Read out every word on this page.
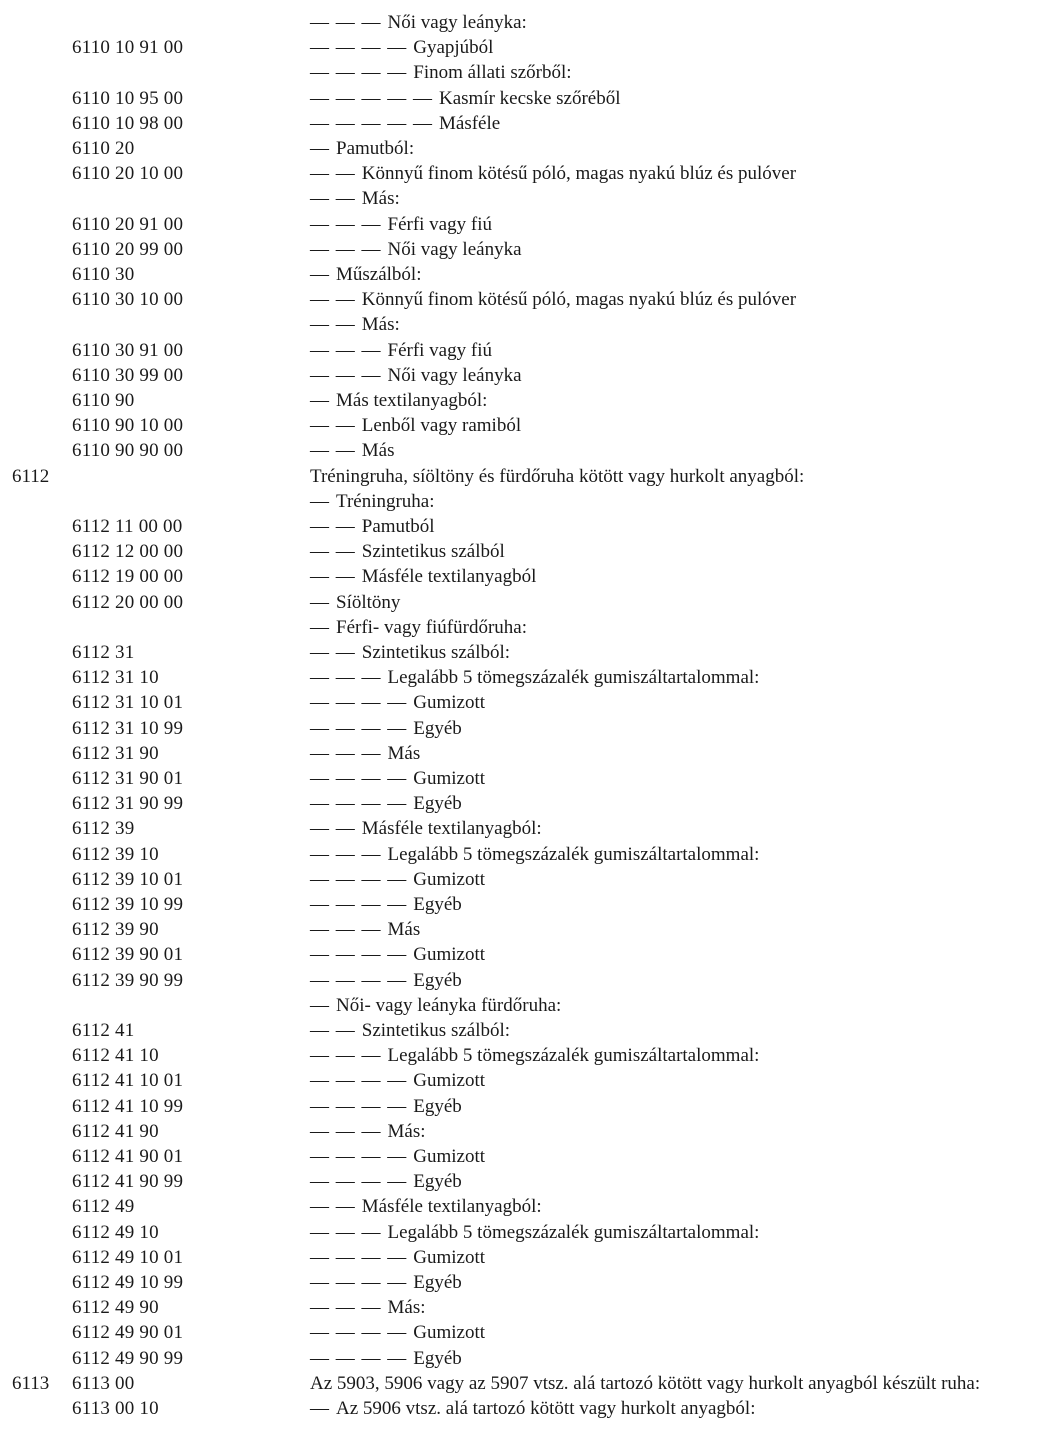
— — — Női vagy leányka:
6110 10 91 00	— — — — Gyapjúból
— — — — Finom állati szőrből:
6110 10 95 00	— — — — — Kasmír kecske szőréből
6110 10 98 00	— — — — — Másféle
6110 20	— Pamutból:
6110 20 10 00	— — Könnyű finom kötésű póló, magas nyakú blúz és pulóver
— — Más:
6110 20 91 00	— — — Férfi vagy fiú
6110 20 99 00	— — — Női vagy leányka
6110 30	— Műszálból:
6110 30 10 00	— — Könnyű finom kötésű póló, magas nyakú blúz és pulóver
— — Más:
6110 30 91 00	— — — Férfi vagy fiú
6110 30 99 00	— — — Női vagy leányka
6110 90	— Más textilanyagból:
6110 90 10 00	— — Lenből vagy ramiból
6110 90 90 00	— — Más
6112	Tréningruha, síöltöny és fürdőruha kötött vagy hurkolt anyagból:
— Tréningruha:
6112 11 00 00	— — Pamutból
6112 12 00 00	— — Szintetikus szálból
6112 19 00 00	— — Másféle textilanyagból
6112 20 00 00	— Síöltöny
— Férfi- vagy fiúfürdőruha:
6112 31	— — Szintetikus szálból:
6112 31 10	— — — Legalább 5 tömegszázalék gumiszáltartalommal:
6112 31 10 01	— — — — Gumizott
6112 31 10 99	— — — — Egyéb
6112 31 90	— — — Más
6112 31 90 01	— — — — Gumizott
6112 31 90 99	— — — — Egyéb
6112 39	— — Másféle textilanyagból:
6112 39 10	— — — Legalább 5 tömegszázalék gumiszáltartalommal:
6112 39 10 01	— — — — Gumizott
6112 39 10 99	— — — — Egyéb
6112 39 90	— — — Más
6112 39 90 01	— — — — Gumizott
6112 39 90 99	— — — — Egyéb
— Női- vagy leányka fürdőruha:
6112 41	— — Szintetikus szálból:
6112 41 10	— — — Legalább 5 tömegszázalék gumiszáltartalommal:
6112 41 10 01	— — — — Gumizott
6112 41 10 99	— — — — Egyéb
6112 41 90	— — — Más:
6112 41 90 01	— — — — Gumizott
6112 41 90 99	— — — — Egyéb
6112 49	— — Másféle textilanyagból:
6112 49 10	— — — Legalább 5 tömegszázalék gumiszáltartalommal:
6112 49 10 01	— — — — Gumizott
6112 49 10 99	— — — — Egyéb
6112 49 90	— — — Más:
6112 49 90 01	— — — — Gumizott
6112 49 90 99	— — — — Egyéb
6113 6113 00	Az 5903, 5906 vagy az 5907 vtsz. alá tartozó kötött vagy hurkolt anyagból készült ruha:
6113 00 10	— Az 5906 vtsz. alá tartozó kötött vagy hurkolt anyagból:
